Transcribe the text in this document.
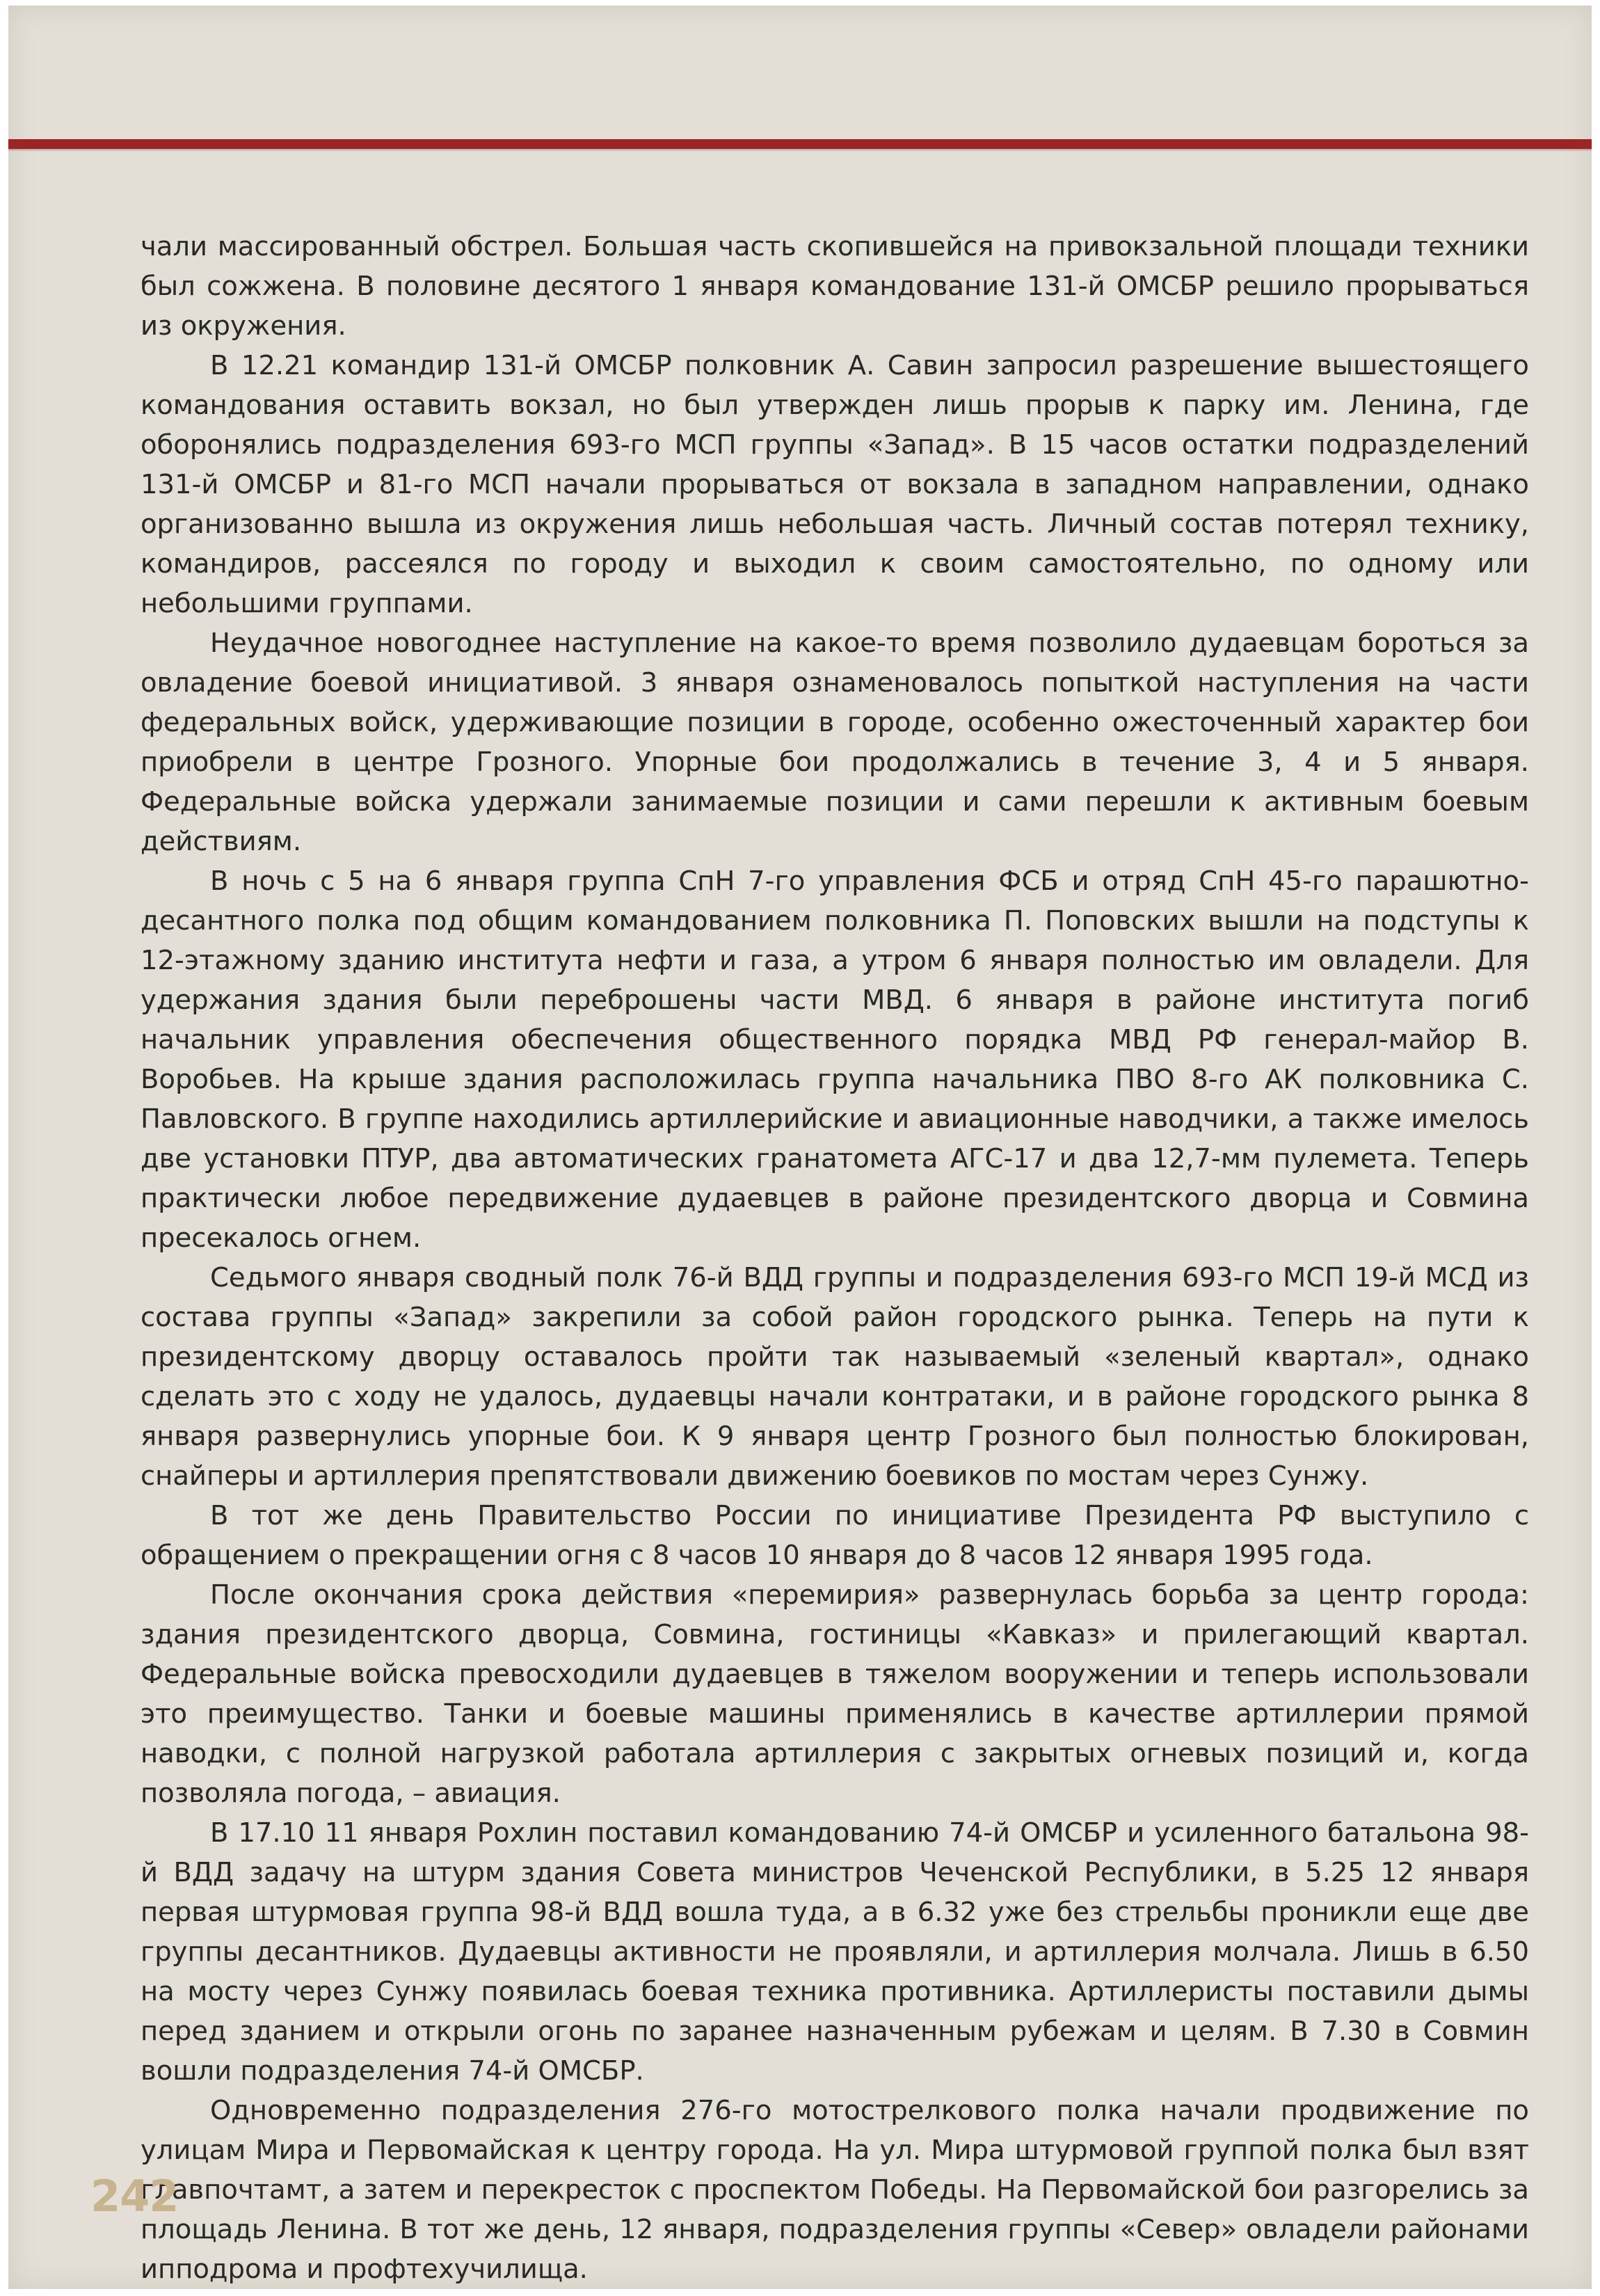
чали массированный обстрел. Большая часть скопившейся на привокзальной площади техники был сожжена. В половине десятого 1 января командование 131-й ОМСБР решило прорываться из окружения.

В 12.21 командир 131-й ОМСБР полковник А. Савин запросил разрешение вышестоящего командования оставить вокзал, но был утвержден лишь прорыв к парку им. Ленина, где оборонялись подразделения 693-го МСП группы «Запад». В 15 часов остатки подразделений 131-й ОМСБР и 81-го МСП начали прорываться от вокзала в западном направлении, однако организованно вышла из окружения лишь небольшая часть. Личный состав потерял технику, командиров, рассеялся по городу и выходил к своим самостоятельно, по одному или небольшими группами.

Неудачное новогоднее наступление на какое-то время позволило дудаевцам бороться за овладение боевой инициативой. 3 января ознаменовалось попыткой наступления на части федеральных войск, удерживающие позиции в городе, особенно ожесточенный характер бои приобрели в центре Грозного. Упорные бои продолжались в течение 3, 4 и 5 января. Федеральные войска удержали занимаемые позиции и сами перешли к активным боевым действиям.

В ночь с 5 на 6 января группа СпН 7-го управления ФСБ и отряд СпН 45-го парашютно-десантного полка под общим командованием полковника П. Поповских вышли на подступы к 12-этажному зданию института нефти и газа, а утром 6 января полностью им овладели. Для удержания здания были переброшены части МВД. 6 января в районе института погиб начальник управления обеспечения общественного порядка МВД РФ генерал-майор В. Воробьев. На крыше здания расположилась группа начальника ПВО 8-го АК полковника С. Павловского. В группе находились артиллерийские и авиационные наводчики, а также имелось две установки ПТУР, два автоматических гранатомета АГС-17 и два 12,7-мм пулемета. Теперь практически любое передвижение дудаевцев в районе президентского дворца и Совмина пресекалось огнем.

Седьмого января сводный полк 76-й ВДД группы и подразделения 693-го МСП 19-й МСД из состава группы «Запад» закрепили за собой район городского рынка. Теперь на пути к президентскому дворцу оставалось пройти так называемый «зеленый квартал», однако сделать это с ходу не удалось, дудаевцы начали контратаки, и в районе городского рынка 8 января развернулись упорные бои. К 9 января центр Грозного был полностью блокирован, снайперы и артиллерия препятствовали движению боевиков по мостам через Сунжу.

В тот же день Правительство России по инициативе Президента РФ выступило с обращением о прекращении огня с 8 часов 10 января до 8 часов 12 января 1995 года.

После окончания срока действия «перемирия» развернулась борьба за центр города: здания президентского дворца, Совмина, гостиницы «Кавказ» и прилегающий квартал. Федеральные войска превосходили дудаевцев в тяжелом вооружении и теперь использовали это преимущество. Танки и боевые машины применялись в качестве артиллерии прямой наводки, с полной нагрузкой работала артиллерия с закрытых огневых позиций и, когда позволяла погода, – авиация.

В 17.10 11 января Рохлин поставил командованию 74-й ОМСБР и усиленного батальона 98-й ВДД задачу на штурм здания Совета министров Чеченской Республики, в 5.25 12 января первая штурмовая группа 98-й ВДД вошла туда, а в 6.32 уже без стрельбы проникли еще две группы десантников. Дудаевцы активности не проявляли, и артиллерия молчала. Лишь в 6.50 на мосту через Сунжу появилась боевая техника противника. Артиллеристы поставили дымы перед зданием и открыли огонь по заранее назначенным рубежам и целям. В 7.30 в Совмин вошли подразделения 74-й ОМСБР.

Одновременно подразделения 276-го мотострелкового полка начали продвижение по улицам Мира и Первомайская к центру города. На ул. Мира штурмовой группой полка был взят главпочтамт, а затем и перекресток с проспектом Победы. На Первомайской бои разгорелись за площадь Ленина. В тот же день, 12 января, подразделения группы «Север» овладели районами ипподрома и профтехучилища.

242
